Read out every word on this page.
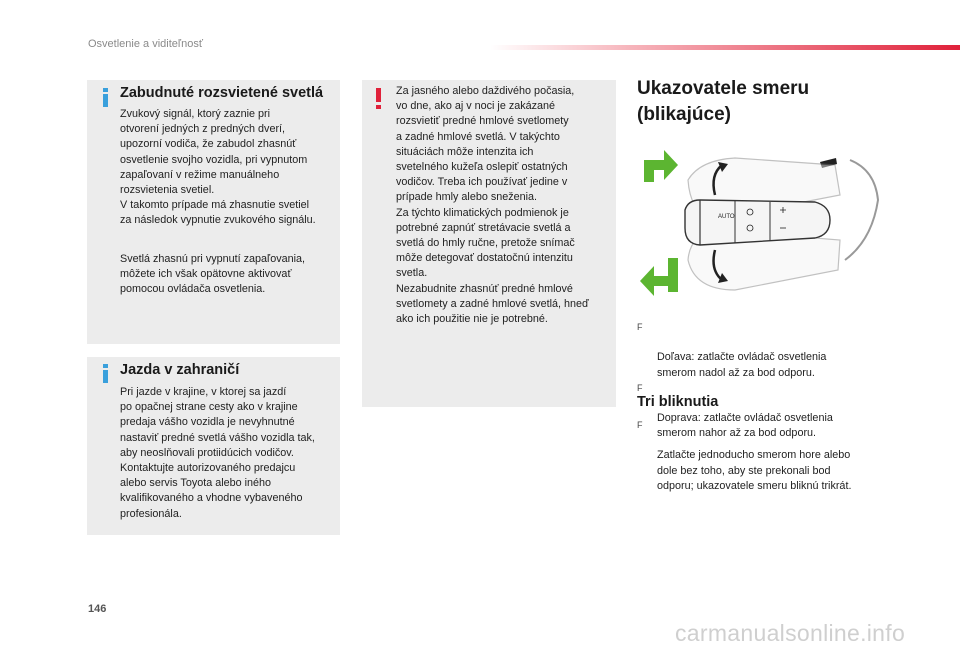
Osvetlenie a viditeľnosť
Zabudnuté rozsvietené svetlá

Zvukový signál, ktorý zaznie pri
otvorení jedných z predných dverí,
upozorní vodiča, že zabudol zhasnúť
osvetlenie svojho vozidla, pri vypnutom
zapaľovaní v režime manuálneho
rozsvietenia svetiel.
V takomto prípade má zhasnutie svetiel
za následok vypnutie zvukového signálu.

Svetlá zhasnú pri vypnutí zapaľovania,
môžete ich však opätovne aktivovať
pomocou ovládača osvetlenia.

Jazda v zahraničí

Pri jazde v krajine, v ktorej sa jazdí
po opačnej strane cesty ako v krajine
predaja vášho vozidla je nevyhnutné
nastaviť predné svetlá vášho vozidla tak,
aby neoslňovali protiidúcich vodičov.
Kontaktujte autorizovaného predajcu
alebo servis Toyota alebo iného
kvalifikovaného a vhodne vybaveného
profesionála.

Za jasného alebo daždivého počasia,
vo dne, ako aj v noci je zakázané
rozsvietiť predné hmlové svetlomety
a zadné hmlové svetlá. V takýchto
situáciách môže intenzita ich
svetelného kužeľa oslepiť ostatných
vodičov. Treba ich používať jedine v
prípade hmly alebo sneženia.
Za týchto klimatických podmienok je
potrebné zapnúť stretávacie svetlá a
svetlá do hmly ručne, pretože snímač
môže detegovať dostatočnú intenzitu
svetla.
Nezabudnite zhasnúť predné hmlové
svetlomety a zadné hmlové svetlá, hneď
ako ich použitie nie je potrebné.

Ukazovatele smeru
(blikajúce)
AUTO

F

Doľava: zatlačte ovládač osvetlenia
smerom nadol až za bod odporu.

F

Doprava: zatlačte ovládač osvetlenia
smerom nahor až za bod odporu.

Tri bliknutia

F

Zatlačte jednoducho smerom hore alebo
dole bez toho, aby ste prekonali bod
odporu; ukazovatele smeru bliknú trikrát.

146
carmanualsonline.info
